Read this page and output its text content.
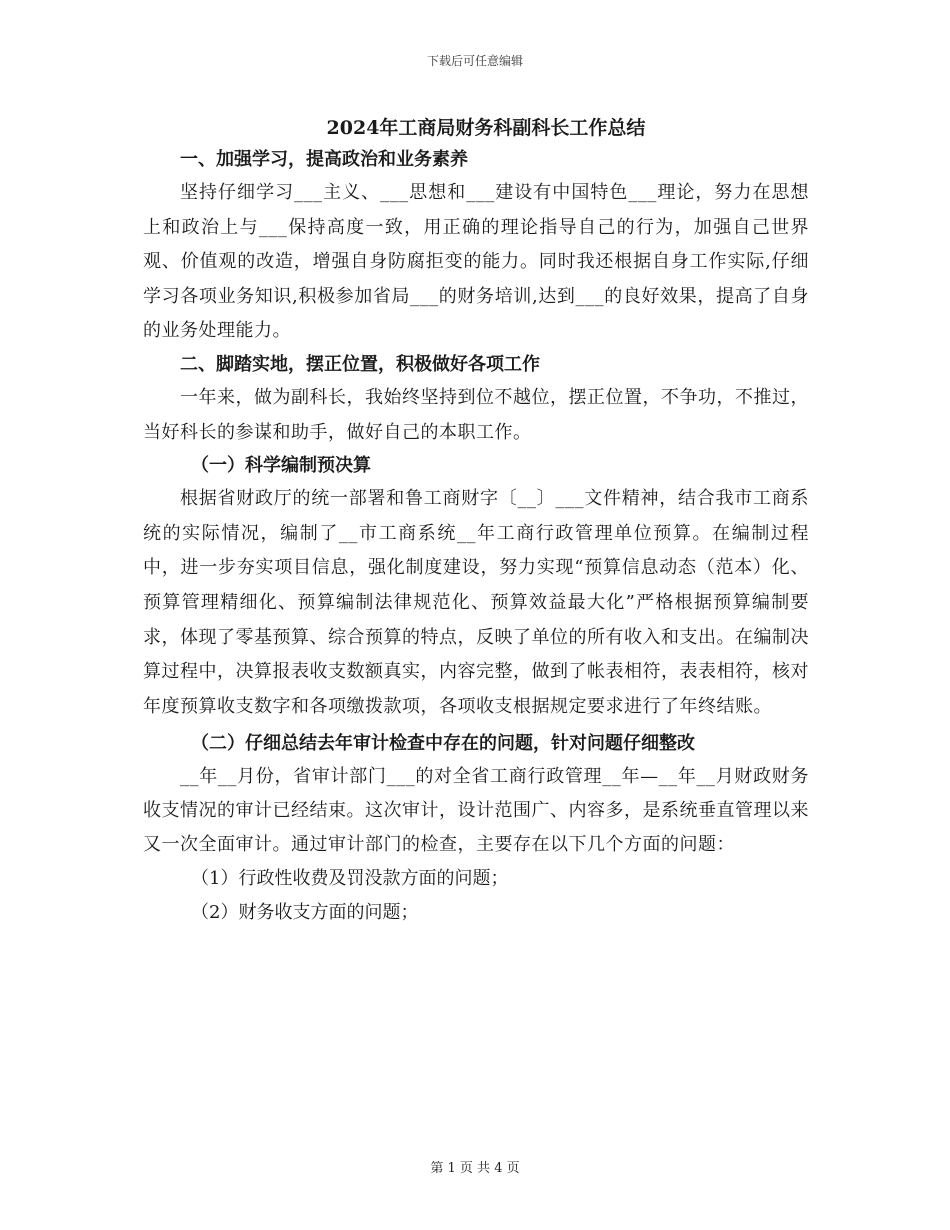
下载后可任意编辑
2024年工商局财务科副科长工作总结
一、加强学习，提高政治和业务素养

坚持仔细学习___主义、___思想和___建设有中国特色___理论，努力在思想上和政治上与___保持高度一致，用正确的理论指导自己的行为，加强自己世界观、价值观的改造，增强自身防腐拒变的能力。同时我还根据自身工作实际,仔细学习各项业务知识,积极参加省局___的财务培训,达到___的良好效果，提高了自身的业务处理能力。

二、脚踏实地，摆正位置，积极做好各项工作

一年来，做为副科长，我始终坚持到位不越位，摆正位置，不争功，不推过，当好科长的参谋和助手，做好自己的本职工作。

（一）科学编制预决算

根据省财政厅的统一部署和鲁工商财字〔__〕___文件精神，结合我市工商系统的实际情况，编制了__市工商系统__年工商行政管理单位预算。在编制过程中，进一步夯实项目信息，强化制度建设，努力实现“预算信息动态（范本）化、预算管理精细化、预算编制法律规范化、预算效益最大化”严格根据预算编制要求，体现了零基预算、综合预算的特点，反映了单位的所有收入和支出。在编制决算过程中，决算报表收支数额真实，内容完整，做到了帐表相符，表表相符，核对年度预算收支数字和各项缴拨款项，各项收支根据规定要求进行了年终结账。

（二）仔细总结去年审计检查中存在的问题，针对问题仔细整改

__年__月份，省审计部门___的对全省工商行政管理__年—__年__月财政财务收支情况的审计已经结束。这次审计，设计范围广、内容多，是系统垂直管理以来又一次全面审计。通过审计部门的检查，主要存在以下几个方面的问题：

（1）行政性收费及罚没款方面的问题；

（2）财务收支方面的问题；

第 1 页 共 4 页
